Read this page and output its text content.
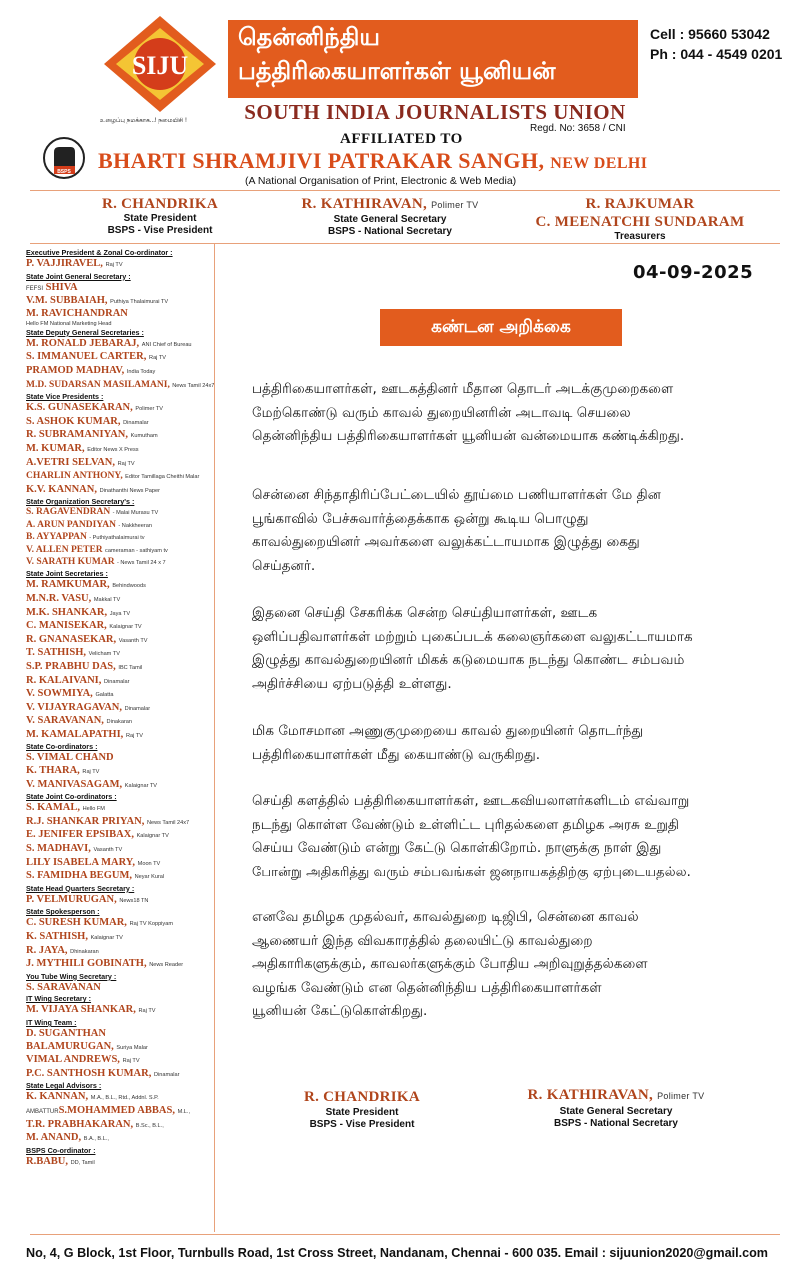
SIJU
உழைப்பு நமக்காக...! நமையிசி !
தென்னிந்திய
பத்திரிகையாளர்கள் யூனியன்
Cell : 95660 53042
Ph : 044 - 4549 0201
SOUTH INDIA JOURNALISTS UNION
Regd. No: 3658 / CNI
AFFILIATED TO
BSPS BHARTI SHRAMJIVI PATRAKAR SANGH, NEW DELHI
(A National Organisation of Print, Electronic & Web Media)
R. CHANDRIKA
State President
BSPS - Vise President
R. KATHIRAVAN, Polimer TV
State General Secretary
BSPS - National Secretary
R. RAJKUMAR
C. MEENATCHI SUNDARAM
Treasurers
Executive President & Zonal Co-ordinator :
P. VAJJIRAVEL, Raj TV
State Joint General Secretary :
FEFSI SHIVA
V.M. SUBBAIAH, Puthiya Thalaimurai TV
M. RAVICHANDRAN
Hello FM National Marketing Head
State Deputy General Secretaries :
M. RONALD JEBARAJ, ANI Chief of Bureau
S. IMMANUEL CARTER, Raj TV
PRAMOD MADHAV, India Today
M.D. SUDARSAN MASILAMANI, News Tamil 24x7
State Vice Presidents :
K.S. GUNASEKARAN, Polimer TV
S. ASHOK KUMAR, Dinamalar
R. SUBRAMANIYAN, Kumutham
M. KUMAR, Editor News X Press
A.VETRI SELVAN, Raj TV
CHARLIN ANTHONY, Editor Tamillaga Cheithi Malar
K.V. KANNAN, Dinathanthi News Paper
State Organization Secretary's :
S. RAGAVENDRAN - Malai Murasu TV
A. ARUN PANDIYAN - Nakkheeran
B. AYYAPPAN - Puthiyathalaimurai tv
V. ALLEN PETER cameraman - sathiyam tv
V. SARATH KUMAR - News Tamil 24 x 7
State Joint Secretaries :
M. RAMKUMAR, Behindwoods
M.N.R. VASU, Makkal TV
M.K. SHANKAR, Jaya TV
C. MANISEKAR, Kalaignar TV
R. GNANASEKAR, Vasanth TV
T. SATHISH, Velicham TV
S.P. PRABHU DAS, IBC Tamil
R. KALAIVANI, Dinamalar
V. SOWMIYA, Galatta
V. VIJAYRAGAVAN, Dinamalar
V. SARAVANAN, Dinakaran
M. KAMALAPATHI, Raj TV
State Co-ordinators :
S. VIMAL CHAND
K. THARA, Raj TV
V. MANIVASAGAM, Kalaignar TV
State Joint Co-ordinators :
S. KAMAL, Hello FM
R.J. SHANKAR PRIYAN, News Tamil 24x7
E. JENIFER EPSIBAX, Kalaignar TV
S. MADHAVI, Vasanth TV
LILY ISABELA MARY, Moon TV
S. FAMIDHA BEGUM, Neyar Kural
State Head Quarters Secretary :
P. VELMURUGAN, News18 TN
State Spokesperson :
C. SURESH KUMAR, Raj TV Koppiyam
K. SATHISH, Kalaignar TV
R. JAYA, Dhinakaran
J. MYTHILI GOBINATH, News Reader
You Tube Wing Secretary :
S. SARAVANAN
IT Wing Secretary :
M. VIJAYA SHANKAR, Raj TV
IT Wing Team :
D. SUGANTHAN
BALAMURUGAN, Suriya Malar
VIMAL ANDREWS, Raj TV
P.C. SANTHOSH KUMAR, Dinamalar
State Legal Advisors :
K. KANNAN, M.A., B.L., Rtd., Addnl. S.P.
AMBATTURS.MOHAMMED ABBAS, M.L.,
T.R. PRABHAKARAN, B.Sc., B.L.,
M. ANAND, B.A., B.L.,
BSPS Co-ordinator :
R.BABU, DD, Tamil
04-09-2025
கண்டன அறிக்கை
பத்திரிகையாளர்கள், ஊடகத்தினர் மீதான தொடர் அடக்குமுறைகளை
மேற்கொண்டு வரும் காவல் துறையினரின் அடாவடி செயலை
தென்னிந்திய பத்திரிகையாளர்கள் யூனியன் வன்மையாக கண்டிக்கிறது.
சென்னை சிந்தாதிரிப்பேட்டையில் தூய்மை பணியாளர்கள் மே தின
பூங்காவில் பேச்சுவார்த்தைக்காக ஒன்று கூடிய பொழுது
காவல்துறையினர் அவர்களை வலுக்கட்டாயமாக இழுத்து கைது
செய்தனர்.
இதனை செய்தி சேகரிக்க சென்ற செய்தியாளர்கள், ஊடக
ஒளிப்பதிவாளர்கள் மற்றும் புகைப்படக் கலைஞர்களை வலுகட்டாயமாக
இழுத்து காவல்துறையினர் மிகக் கடுமையாக நடந்து கொண்ட சம்பவம்
அதிர்ச்சியை ஏற்படுத்தி உள்ளது.
மிக மோசமான அணுகுமுறையை காவல் துறையினர் தொடர்ந்து
பத்திரிகையாளர்கள் மீது கையாண்டு வருகிறது.
செய்தி களத்தில் பத்திரிகையாளர்கள், ஊடகவியலாளர்களிடம் எவ்வாறு
நடந்து கொள்ள வேண்டும் உள்ளிட்ட புரிதல்களை தமிழக அரசு உறுதி
செய்ய வேண்டும் என்று கேட்டு கொள்கிறோம். நாளுக்கு நாள் இது
போன்று அதிகரித்து வரும் சம்பவங்கள் ஜனநாயகத்திற்கு ஏற்புடையதல்ல.
எனவே தமிழக முதல்வர், காவல்துறை டிஜிபி, சென்னை காவல்
ஆணையர் இந்த விவகாரத்தில் தலையிட்டு காவல்துறை
அதிகாரிகளுக்கும், காவலர்களுக்கும் போதிய அறிவுறுத்தல்களை
வழங்க வேண்டும் என தென்னிந்திய பத்திரிகையாளர்கள்
யூனியன் கேட்டுகொள்கிறது.
R. CHANDRIKA
State President
BSPS - Vise President
R. KATHIRAVAN, Polimer TV
State General Secretary
BSPS - National Secretary
No, 4, G Block, 1st Floor, Turnbulls Road, 1st Cross Street, Nandanam, Chennai - 600 035. Email : sijuunion2020@gmail.com
